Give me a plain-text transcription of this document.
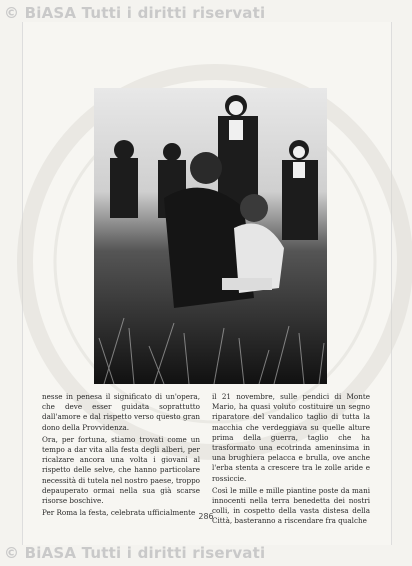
© BiASA Tutti i diritti riservati

nesse in penesa il significato di un'opera, che deve esser guidata soprattutto dall'amore e dal rispetto verso questo gran dono della Provvidenza.

Ora, per fortuna, stiamo trovati come un tempo a dar vita alla festa degli alberi, per ricalzare ancora una volta i giovani al rispetto delle selve, che hanno particolare necessità di tutela nel nostro paese, troppo depauperato ormai nella sua già scarse risorse boschive.

Per Roma la festa, celebrata ufficialmente

il 21 novembre, sulle pendici di Monte Mario, ha quasi voluto costituire un segno riparatore del vandalico taglio di tutta la macchia che verdeggiava su quelle alture prima della guerra, taglio che ha trasformato una ecotrinda ameninsima in una brughiera pelacca e brulla, ove anche l'erba stenta a crescere tra le zolle aride e rossiccie.

Così le mille e mille piantine poste da mani innocenti nella terra benedetta dei nostri colli, in cospetto della vasta distesa della Città, basteranno a riscendare fra qualche

286
© BiASA Tutti i diritti riservati
